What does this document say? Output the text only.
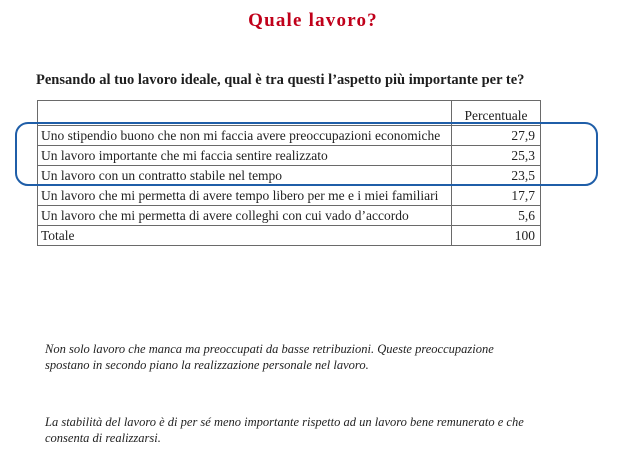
Quale lavoro?
Pensando al tuo lavoro ideale, qual è tra questi l’aspetto più importante per te?
	Percentuale
Uno stipendio buono che non mi faccia avere preoccupazioni economiche	27,9
Un lavoro importante che mi faccia sentire realizzato	25,3
Un lavoro con un contratto stabile nel tempo	23,5
Un lavoro che mi permetta di avere tempo libero per me e i miei familiari	17,7
Un lavoro che mi permetta di avere colleghi con cui vado d’accordo	5,6
Totale	100

Non solo lavoro che manca ma preoccupati da basse retribuzioni. Queste preoccupazione spostano in secondo piano la realizzazione personale nel lavoro.

La stabilità del lavoro è di per sé meno importante rispetto ad un lavoro bene remunerato e che consenta di realizzarsi.
